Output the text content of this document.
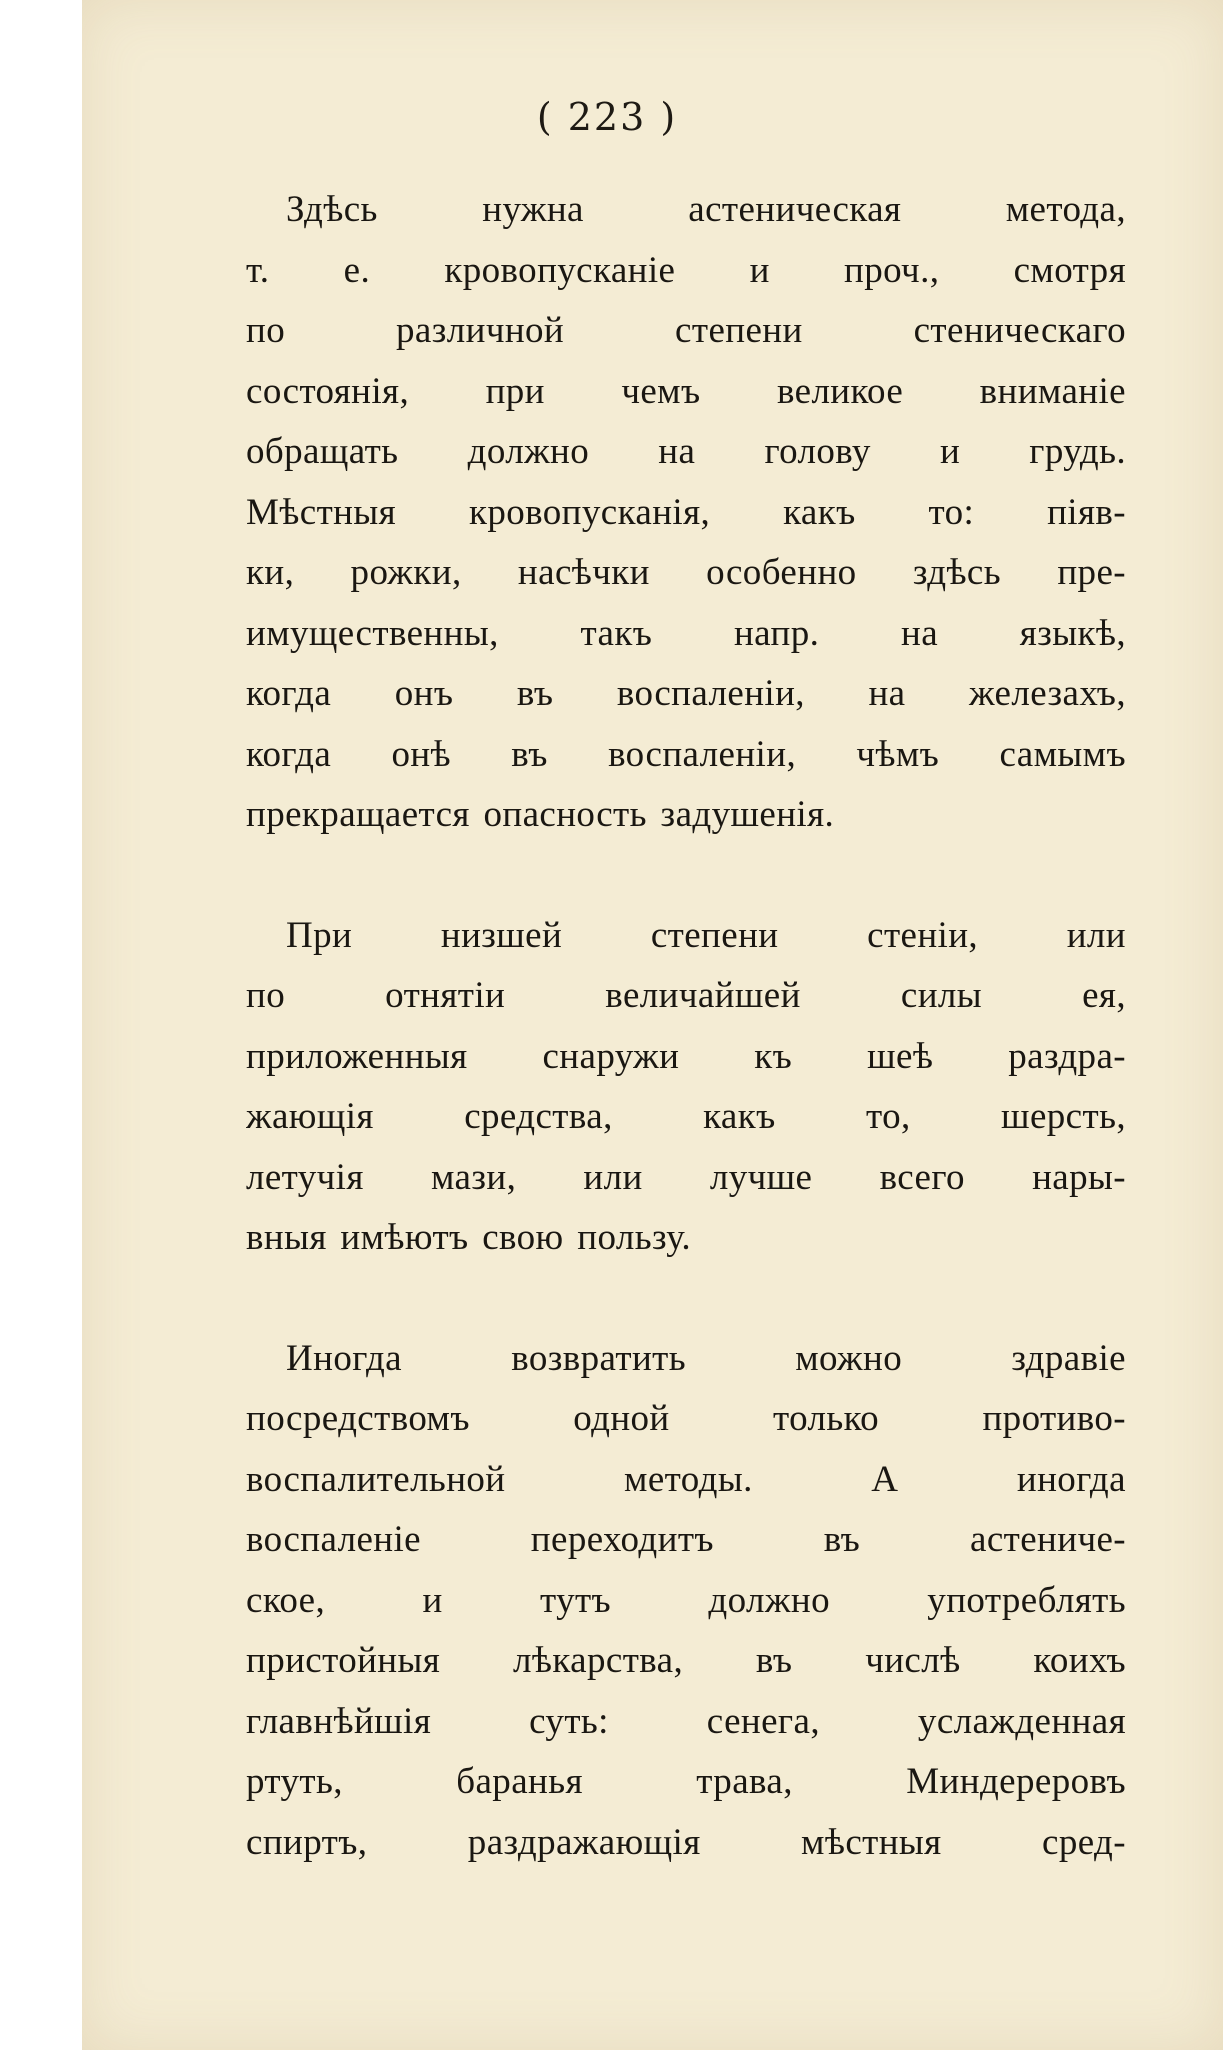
( 223 )

Здѣсь нужна астеническая метода,
т. е. кровопусканіе и проч., смотря
по различной степени стеническаго
состоянія, при чемъ великое вниманіе
обращать должно на голову и грудь.
Мѣстныя кровопусканія, какъ то: піяв-
ки, рожки, насѣчки особенно здѣсь пре-
имущественны, такъ напр. на языкѣ,
когда онъ въ воспаленіи, на железахъ,
когда онѣ въ воспаленіи, чѣмъ самымъ
прекращается опасность задушенія.

При низшей степени стеніи, или
по отнятіи величайшей силы ея,
приложенныя снаружи къ шеѣ раздра-
жающія средства, какъ то, шерсть,
летучія мази, или лучше всего нары-
вныя имѣютъ свою пользу.

Иногда возвратить можно здравіе
посредствомъ одной только противо-
воспалительной методы. А иногда
воспаленіе переходитъ въ астениче-
ское, и тутъ должно употреблять
пристойныя лѣкарства, въ числѣ коихъ
главнѣйшія суть: сенега, услажденная
ртуть, баранья трава, Миндереровъ
спиртъ, раздражающія мѣстныя сред-
